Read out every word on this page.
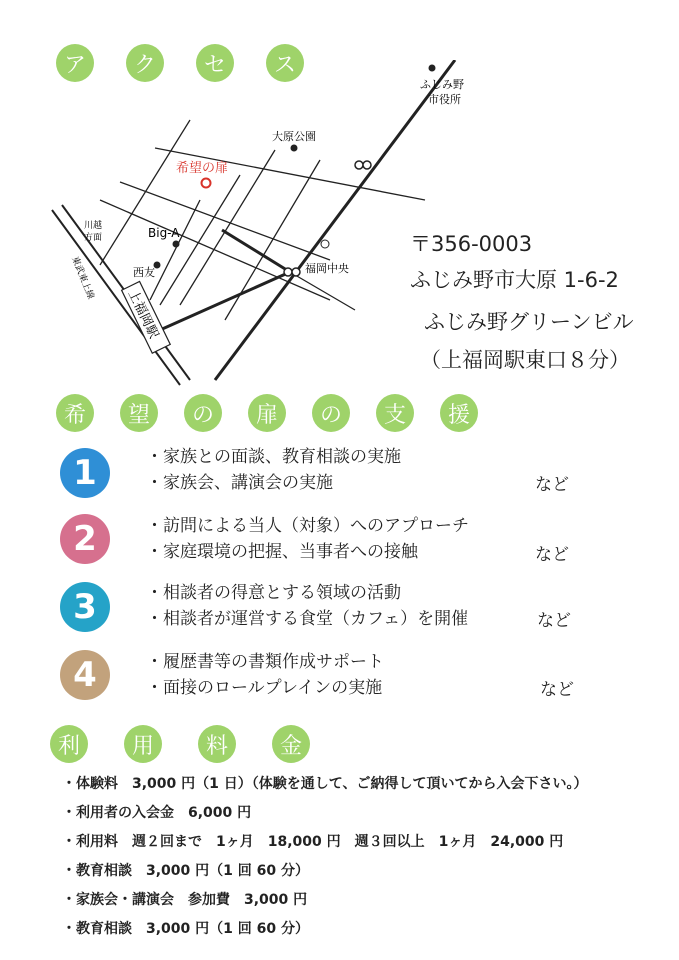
ア	ク	セ	ス
ふじみ野
市役所
大原公園
希望の扉
Big-A
川越
方面
西友	福岡中央
東武東上線
上福岡駅
〒356-0003
ふじみ野市大原 1-6-2
ふじみ野グリーンビル
（上福岡駅東口８分）
希	望	の	扉	の	支	援
1	・家族との面談、教育相談の実施
・家族会、講演会の実施	など
2	・訪問による当人（対象）へのアプローチ
・家庭環境の把握、当事者への接触	など
3	・相談者の得意とする領域の活動
・相談者が運営する食堂（カフェ）を開催	など
4	・履歴書等の書類作成サポート
・面接のロールプレインの実施	など
利	用	料	金
・体験料　3,000 円（1 日）（体験を通して、ご納得して頂いてから入会下さい。）
・利用者の入会金　6,000 円
・利用料　週２回まで　1ヶ月　18,000 円　週３回以上　1ヶ月　24,000 円
・教育相談　3,000 円（1 回 60 分）
・家族会・講演会　参加費　3,000 円
・教育相談　3,000 円（1 回 60 分）
